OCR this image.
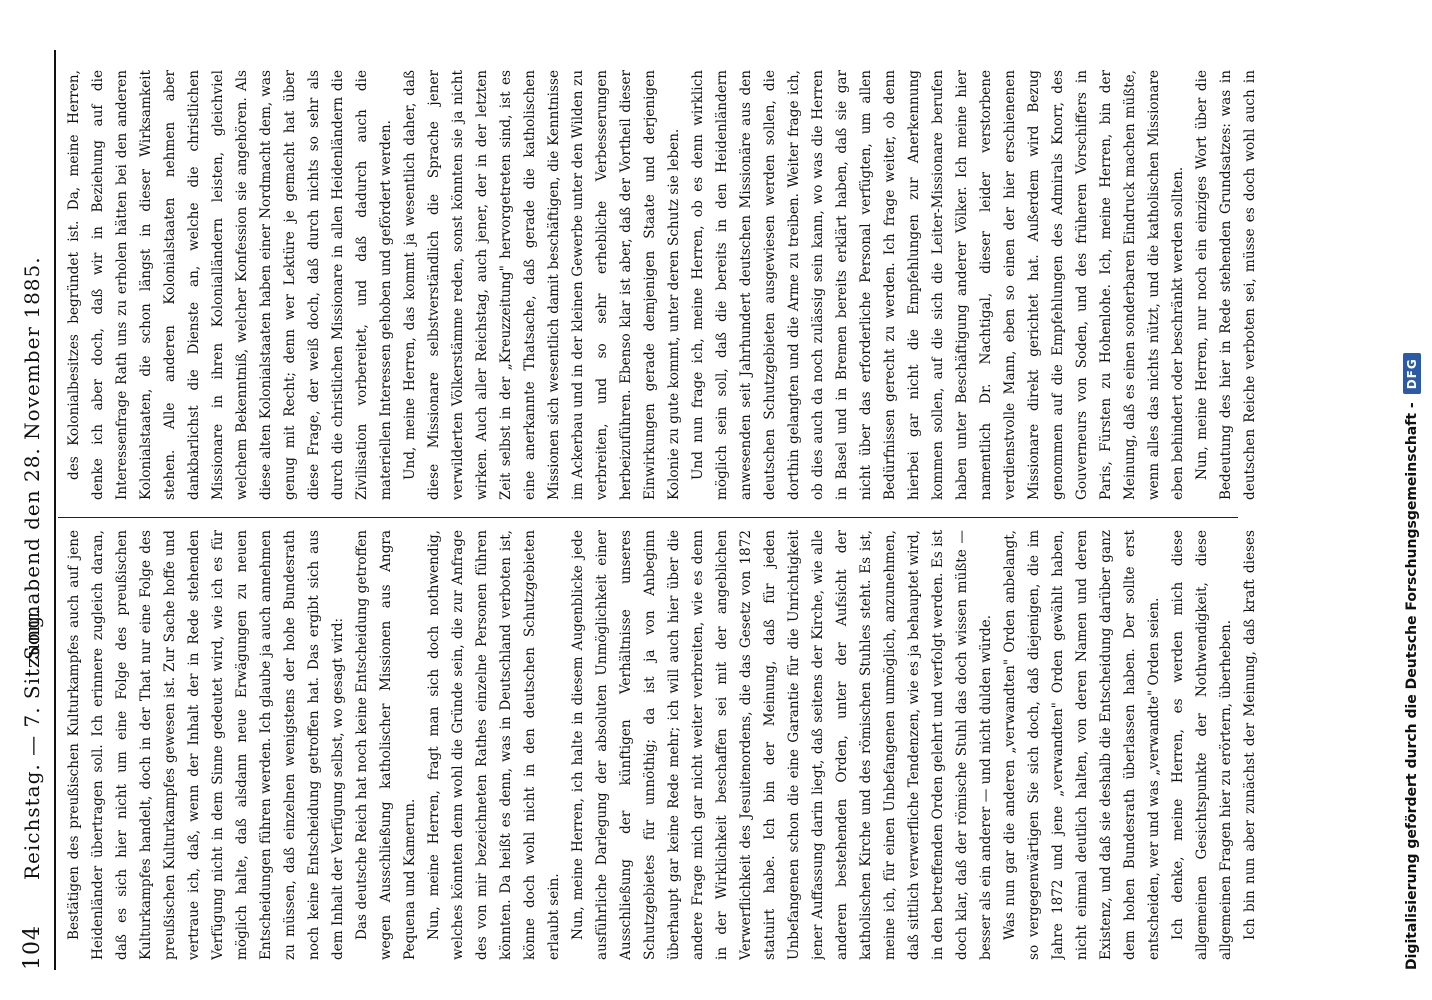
104
Reichstag. — 7. Sitzung.
Sonnabend den 28. November 1885.

Bestätigen des preußischen Kulturkampfes auch auf jene Heidenländer übertragen soll. Ich erinnere zugleich daran, daß es sich hier nicht um eine Folge des preußischen Kulturkampfes handelt, doch in der That nur eine Folge des preußischen Kulturkampfes gewesen ist. Zur Sache hoffe und vertraue ich, daß, wenn der Inhalt der in Rede stehenden Verfügung nicht in dem Sinne gedeutet wird, wie ich es für möglich halte, daß alsdann neue Erwägungen zu neuen Entscheidungen führen werden. Ich glaube ja auch annehmen zu müssen, daß einzelnen wenigstens der hohe Bundesrath noch keine Entscheidung getroffen hat. Das ergibt sich aus dem Inhalt der Verfügung selbst, wo gesagt wird: Das deutsche Reich hat noch keine Entscheidung getroffen wegen Ausschließung katholischer Missionen aus Angra Pequena und Kamerun. Nun, meine Herren, fragt man sich doch nothwendig, welches könnten denn wohl die Gründe sein, die zur Anfrage des von mir bezeichneten Rathes einzelne Personen führen könnten. Da heißt es denn, was in Deutschland verboten ist, könne doch wohl nicht in den deutschen Schutzgebieten erlaubt sein. Nun, meine Herren, ich halte in diesem Augenblicke jede ausführliche Darlegung der absoluten Unmöglichkeit einer Ausschließung der künftigen Verhältnisse unseres Schutzgebietes für unnöthig; da ist ja von Anbeginn überhaupt gar keine Rede mehr; ich will auch hier über die andere Frage mich gar nicht weiter verbreiten, wie es denn in der Wirklichkeit beschaffen sei mit der angeblichen Verwerflichkeit des Jesuitenordens, die das Gesetz von 1872 statuirt habe. Ich bin der Meinung, daß für jeden Unbefangenen schon die eine Garantie für die Unrichtigkeit jener Auffassung darin liegt, daß seitens der Kirche, wie alle anderen bestehenden Orden, unter der Aufsicht der katholischen Kirche und des römischen Stuhles steht. Es ist, meine ich, für einen Unbefangenen unmöglich, anzunehmen, daß sittlich verwerfliche Tendenzen, wie es ja behauptet wird, in den betreffenden Orden gelehrt und verfolgt werden. Es ist doch klar, daß der römische Stuhl das doch wissen müßte — besser als ein anderer — und nicht dulden würde. Was nun gar die anderen „verwandten" Orden anbelangt, so vergegenwärtigen Sie sich doch, daß diejenigen, die im Jahre 1872 und jene „verwandten" Orden gewählt haben, nicht einmal deutlich halten, von deren Namen und deren Existenz, und daß sie deshalb die Entscheidung darüber ganz dem hohen Bundesrath überlassen haben. Der sollte erst entscheiden, wer und was „verwandte" Orden seien. Ich denke, meine Herren, es werden mich diese allgemeinen Gesichtspunkte der Nothwendigkeit, diese allgemeinen Fragen hier zu erörtern, überheben. Ich bin nun aber zunächst der Meinung, daß kraft dieses

des Kolonialbesitzes begründet ist. Da, meine Herren, denke ich aber doch, daß wir in Beziehung auf die Interessenfrage Rath uns zu erholen hätten bei den anderen Kolonialstaaten, die schon längst in dieser Wirksamkeit stehen. Alle anderen Kolonialstaaten nehmen aber dankbarlichst die Dienste an, welche die christlichen Missionare in ihren Kolonialländern leisten, gleichviel welchem Bekenntniß, welcher Konfession sie angehören. Als diese alten Kolonialstaaten haben einer Nordmacht dem, was genug mit Recht; denn wer Lektüre je gemacht hat über diese Frage, der weiß doch, daß durch nichts so sehr als durch die christlichen Missionare in allen Heidenländern die Zivilisation vorbereitet, und daß dadurch auch die materiellen Interessen gehoben und gefördert werden. Und, meine Herren, das kommt ja wesentlich daher, daß diese Missionare selbstverständlich die Sprache jener verwilderten Völkerstämme reden, sonst könnten sie ja nicht wirken. Auch aller Reichstag, auch jener, der in der letzten Zeit selbst in der „Kreuzzeitung" hervorgetreten sind, ist es eine anerkannte Thatsache, daß gerade die katholischen Missionen sich wesentlich damit beschäftigen, die Kenntnisse im Ackerbau und in der kleinen Gewerbe unter den Wilden zu verbreiten, und so sehr erhebliche Verbesserungen herbeizuführen. Ebenso klar ist aber, daß der Vortheil dieser Einwirkungen gerade demjenigen Staate und derjenigen Kolonie zu gute kommt, unter deren Schutz sie leben. Und nun frage ich, meine Herren, ob es denn wirklich möglich sein soll, daß die bereits in den Heidenländern anwesenden seit Jahrhundert deutschen Missionäre aus den deutschen Schutzgebieten ausgewiesen werden sollen, die dorthin gelangten und die Arme zu treiben. Weiter frage ich, ob dies auch da noch zulässig sein kann, wo was die Herren in Basel und in Bremen bereits erklärt haben, daß sie gar nicht über das erforderliche Personal verfügten, um allen Bedürfnissen gerecht zu werden. Ich frage weiter, ob denn hierbei gar nicht die Empfehlungen zur Anerkennung kommen sollen, auf die sich die Leiter-Missionare berufen haben unter Beschäftigung anderer Völker. Ich meine hier namentlich Dr. Nachtigal, dieser leider verstorbene verdienstvolle Mann, eben so einen der hier erschienenen Missionare direkt gerichtet hat. Außerdem wird Bezug genommen auf die Empfehlungen des Admirals Knorr, des Gouverneurs von Soden, und des früheren Vorschiffers in Paris, Fürsten zu Hohenlohe. Ich, meine Herren, bin der Meinung, daß es einen sonderbaren Eindruck machen müßte, wenn alles das nichts nützt, und die katholischen Missionare eben behindert oder beschränkt werden sollten. Nun, meine Herren, nur noch ein einziges Wort über die Bedeutung des hier in Rede stehenden Grundsatzes: was in deutschen Reiche verboten sei, müsse es doch wohl auch in

Digitalisierung gefördert durch die Deutsche Forschungsgemeinschaft -
DFG
